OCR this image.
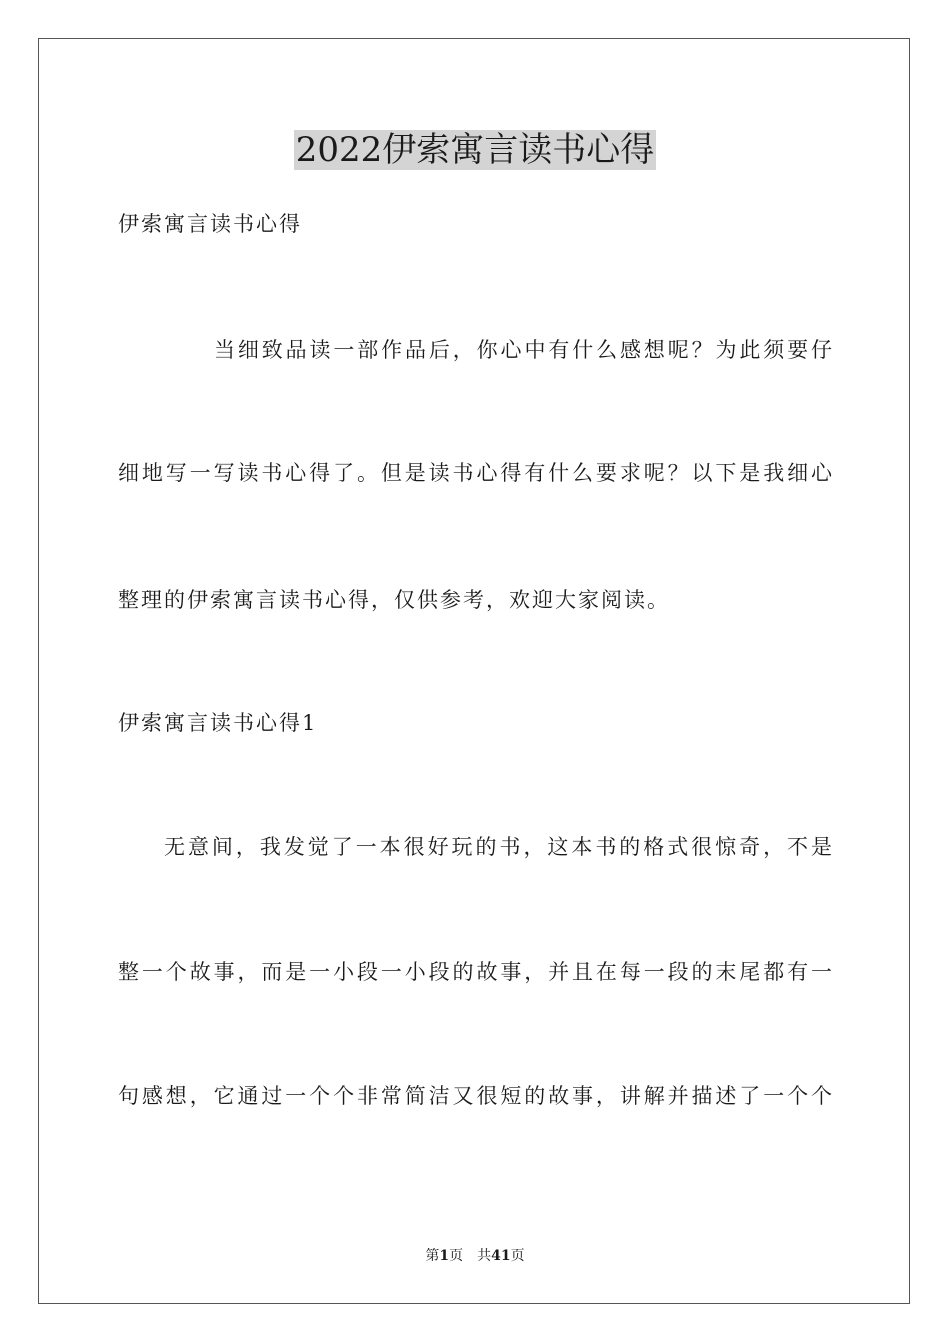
2022伊索寓言读书心得
伊索寓言读书心得
当细致品读一部作品后，你心中有什么感想呢？为此须要仔
细地写一写读书心得了。但是读书心得有什么要求呢？以下是我细心
整理的伊索寓言读书心得，仅供参考，欢迎大家阅读。
伊索寓言读书心得1
无意间，我发觉了一本很好玩的书，这本书的格式很惊奇，不是
整一个故事，而是一小段一小段的故事，并且在每一段的末尾都有一
句感想，它通过一个个非常简洁又很短的故事，讲解并描述了一个个
第1页 共41页
